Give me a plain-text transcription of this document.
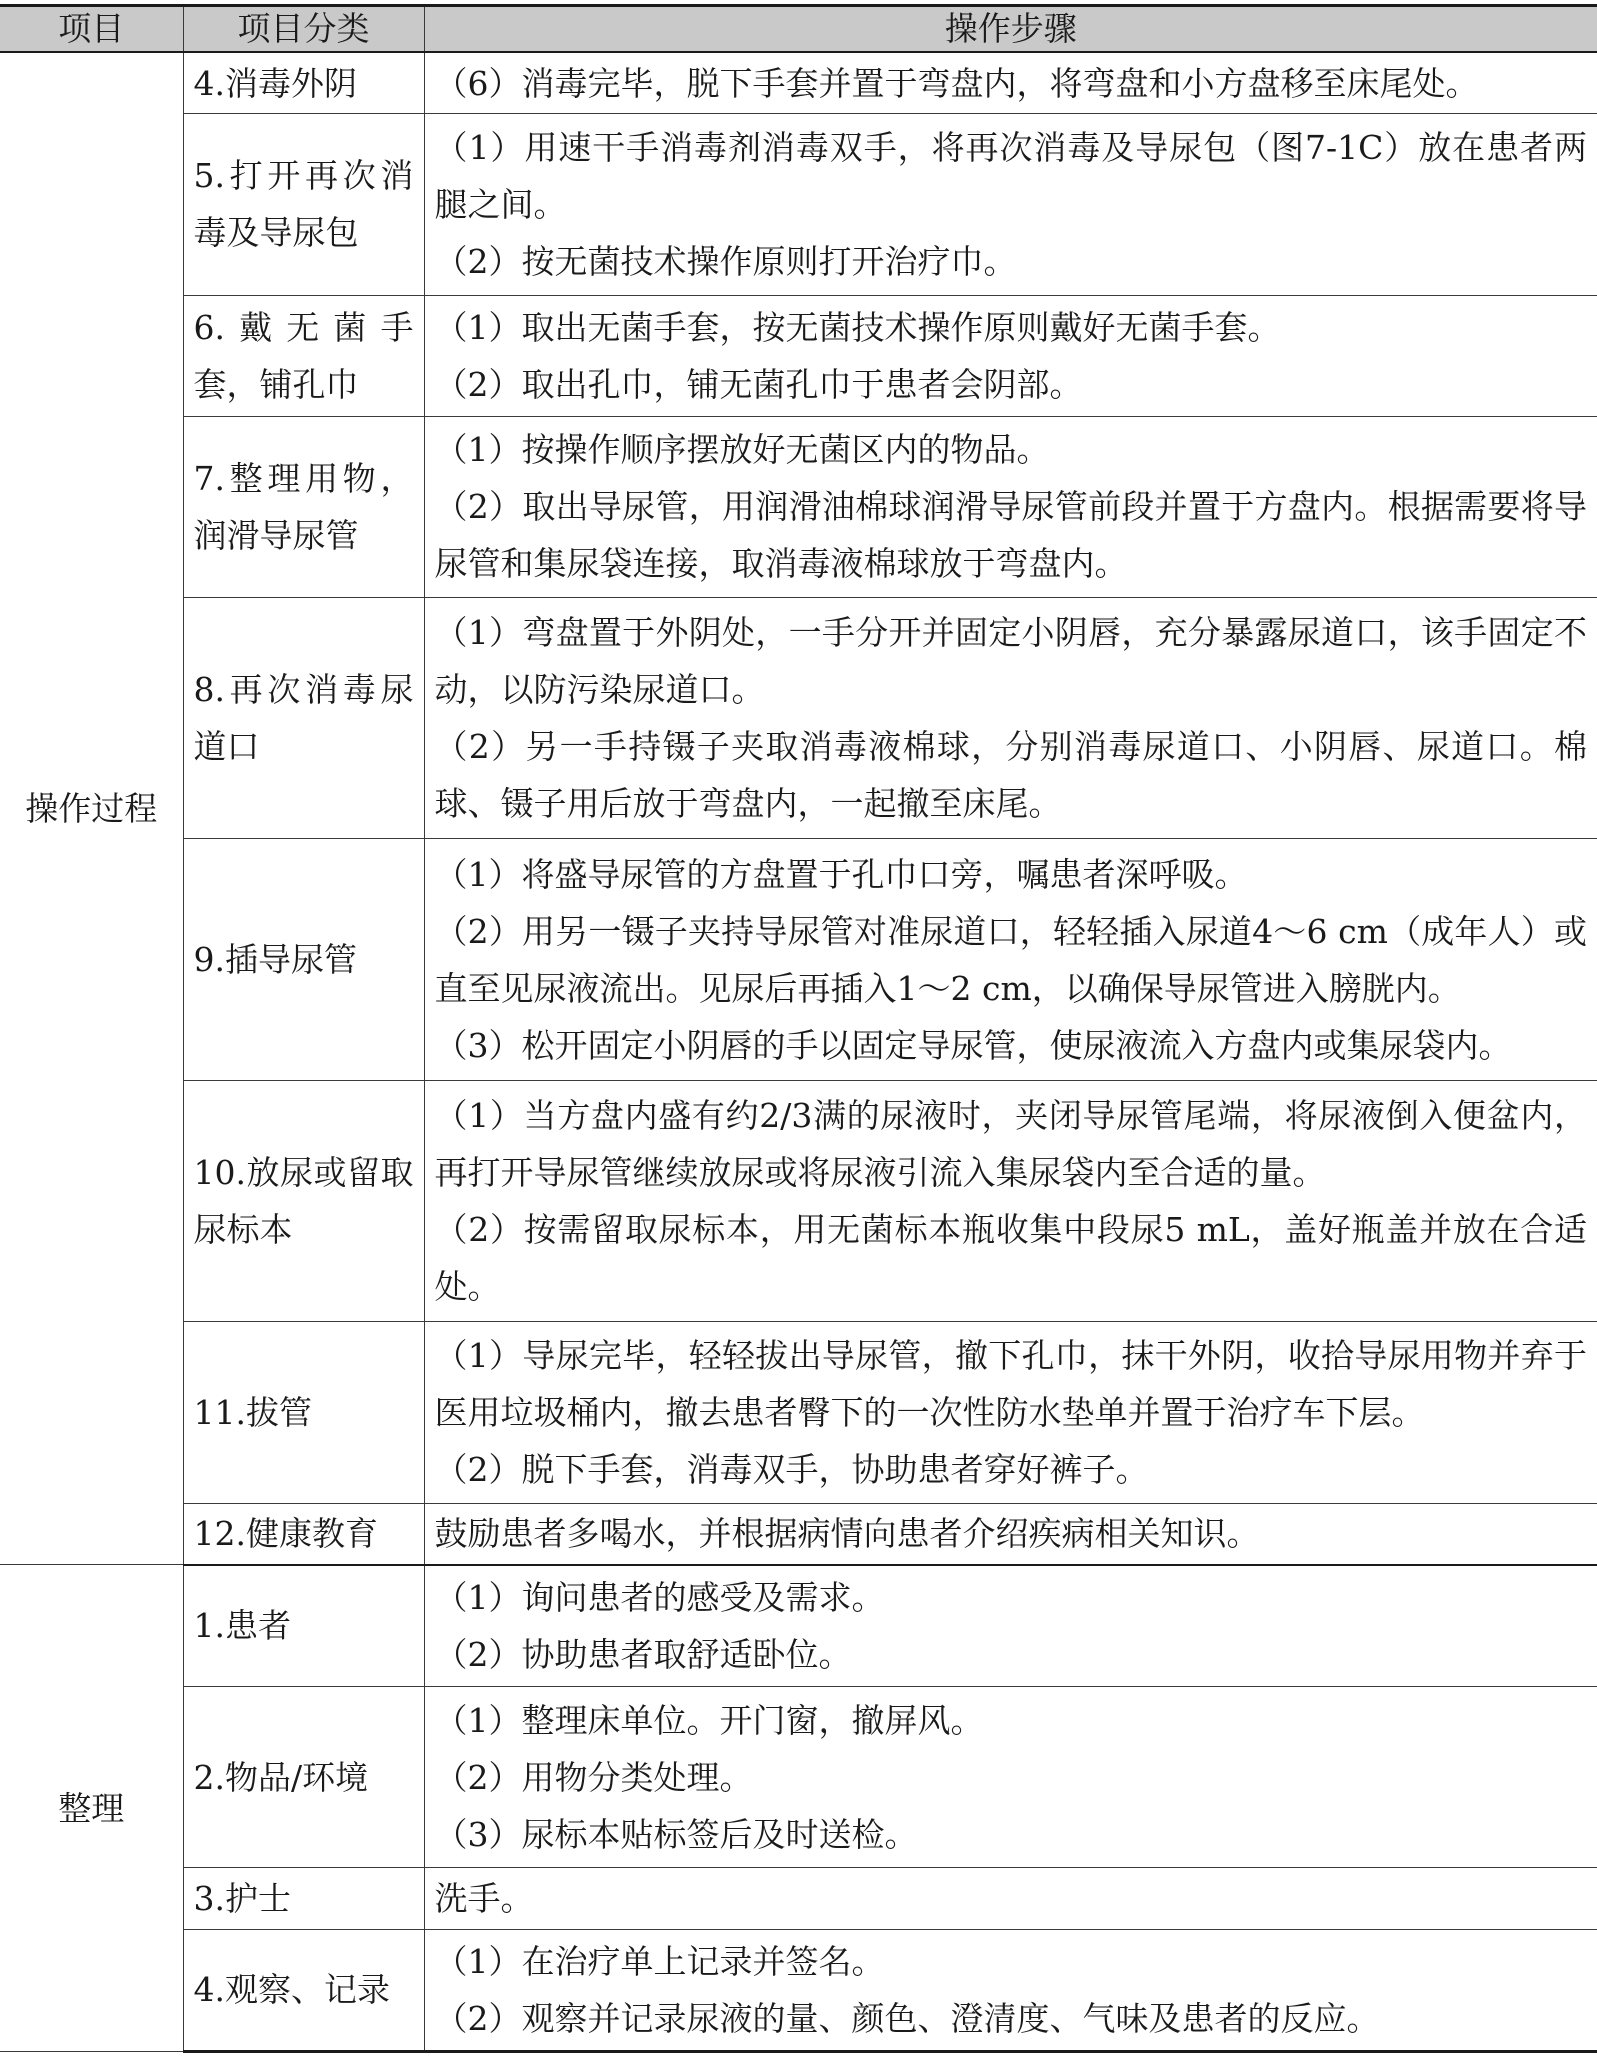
项目	项目分类	操作步骤
操作过程	4.消毒外阴	（6）消毒完毕，脱下手套并置于弯盘内，将弯盘和小方盘移至床尾处。

	5.打开再次消毒及导尿包	（1）用速干手消毒剂消毒双手，将再次消毒及导尿包（图7-1C）放在患者两腿之间。
（2）按无菌技术操作原则打开治疗巾。

	6.戴无菌手套，铺孔巾	（1）取出无菌手套，按无菌技术操作原则戴好无菌手套。
（2）取出孔巾，铺无菌孔巾于患者会阴部。

	7.整理用物，润滑导尿管	（1）按操作顺序摆放好无菌区内的物品。
（2）取出导尿管，用润滑油棉球润滑导尿管前段并置于方盘内。根据需要将导尿管和集尿袋连接，取消毒液棉球放于弯盘内。

	8.再次消毒尿道口	（1）弯盘置于外阴处，一手分开并固定小阴唇，充分暴露尿道口，该手固定不动，以防污染尿道口。
（2）另一手持镊子夹取消毒液棉球，分别消毒尿道口、小阴唇、尿道口。棉球、镊子用后放于弯盘内，一起撤至床尾。

	9.插导尿管	（1）将盛导尿管的方盘置于孔巾口旁，嘱患者深呼吸。
（2）用另一镊子夹持导尿管对准尿道口，轻轻插入尿道4～6 cm（成年人）或直至见尿液流出。见尿后再插入1～2 cm，以确保导尿管进入膀胱内。
（3）松开固定小阴唇的手以固定导尿管，使尿液流入方盘内或集尿袋内。

	10.放尿或留取尿标本	（1）当方盘内盛有约2/3满的尿液时，夹闭导尿管尾端，将尿液倒入便盆内，再打开导尿管继续放尿或将尿液引流入集尿袋内至合适的量。
（2）按需留取尿标本，用无菌标本瓶收集中段尿5 mL，盖好瓶盖并放在合适处。

	11.拔管	（1）导尿完毕，轻轻拔出导尿管，撤下孔巾，抹干外阴，收拾导尿用物并弃于医用垃圾桶内，撤去患者臀下的一次性防水垫单并置于治疗车下层。
（2）脱下手套，消毒双手，协助患者穿好裤子。

	12.健康教育	鼓励患者多喝水，并根据病情向患者介绍疾病相关知识。

整理	1.患者	（1）询问患者的感受及需求。
（2）协助患者取舒适卧位。

	2.物品/环境	（1）整理床单位。开门窗，撤屏风。
（2）用物分类处理。
（3）尿标本贴标签后及时送检。

	3.护士	洗手。

	4.观察、记录	（1）在治疗单上记录并签名。
（2）观察并记录尿液的量、颜色、澄清度、气味及患者的反应。
